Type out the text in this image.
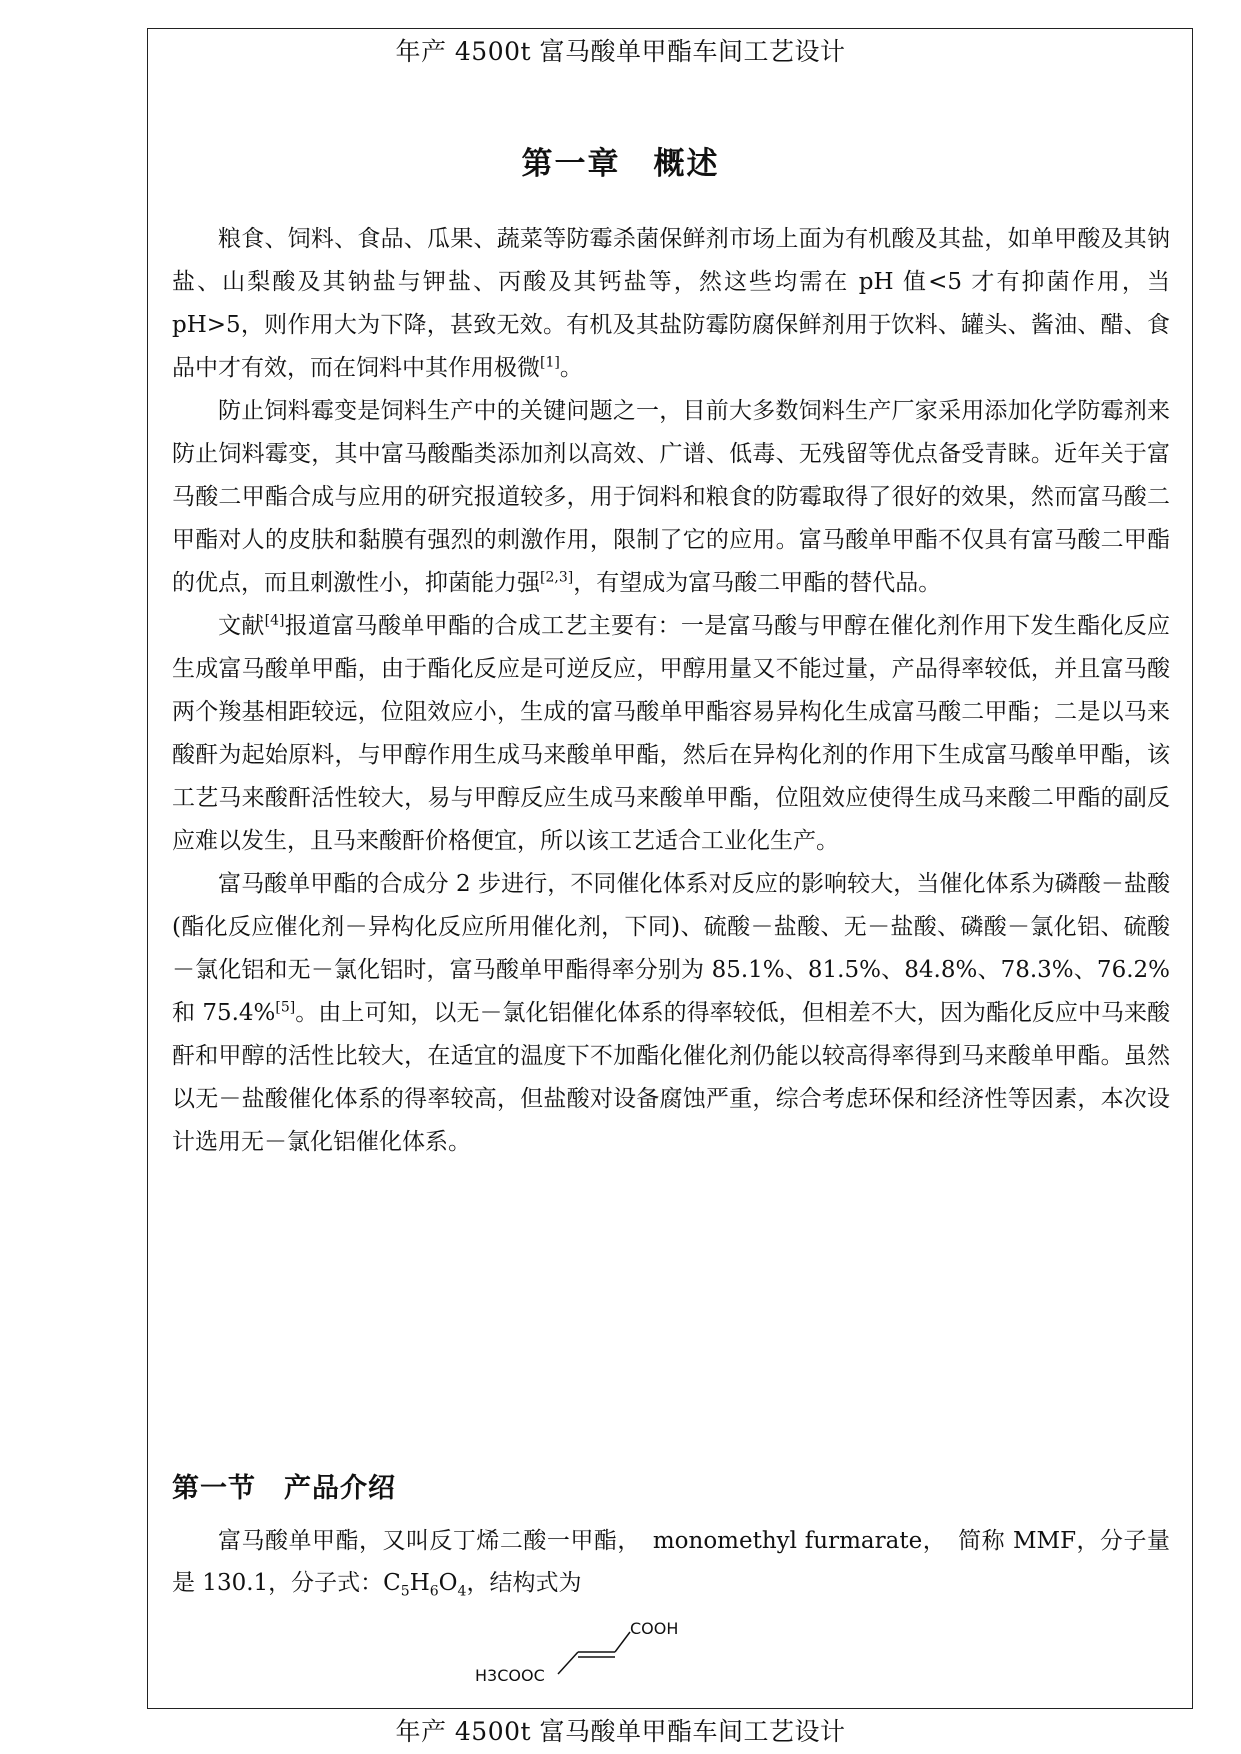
年产 4500t 富马酸单甲酯车间工艺设计
第一章　概述

粮食、饲料、食品、瓜果、蔬菜等防霉杀菌保鲜剂市场上面为有机酸及其盐，如单甲酸及其钠盐、山梨酸及其钠盐与钾盐、丙酸及其钙盐等，然这些均需在 pH 值<5 才有抑菌作用，当 pH>5，则作用大为下降，甚致无效。有机及其盐防霉防腐保鲜剂用于饮料、罐头、酱油、醋、食品中才有效，而在饲料中其作用极微[1]。

防止饲料霉变是饲料生产中的关键问题之一，目前大多数饲料生产厂家采用添加化学防霉剂来防止饲料霉变，其中富马酸酯类添加剂以高效、广谱、低毒、无残留等优点备受青睐。近年关于富马酸二甲酯合成与应用的研究报道较多，用于饲料和粮食的防霉取得了很好的效果，然而富马酸二甲酯对人的皮肤和黏膜有强烈的刺激作用，限制了它的应用。富马酸单甲酯不仅具有富马酸二甲酯的优点，而且刺激性小，抑菌能力强[2,3]，有望成为富马酸二甲酯的替代品。

文献[4]报道富马酸单甲酯的合成工艺主要有：一是富马酸与甲醇在催化剂作用下发生酯化反应生成富马酸单甲酯，由于酯化反应是可逆反应，甲醇用量又不能过量，产品得率较低，并且富马酸两个羧基相距较远，位阻效应小，生成的富马酸单甲酯容易异构化生成富马酸二甲酯；二是以马来酸酐为起始原料，与甲醇作用生成马来酸单甲酯，然后在异构化剂的作用下生成富马酸单甲酯，该工艺马来酸酐活性较大，易与甲醇反应生成马来酸单甲酯，位阻效应使得生成马来酸二甲酯的副反应难以发生，且马来酸酐价格便宜，所以该工艺适合工业化生产。

富马酸单甲酯的合成分 2 步进行，不同催化体系对反应的影响较大，当催化体系为磷酸－盐酸(酯化反应催化剂－异构化反应所用催化剂，下同)、硫酸－盐酸、无－盐酸、磷酸－氯化铝、硫酸－氯化铝和无－氯化铝时，富马酸单甲酯得率分别为 85.1%、81.5%、84.8%、78.3%、76.2%和 75.4%[5]。由上可知，以无－氯化铝催化体系的得率较低，但相差不大，因为酯化反应中马来酸酐和甲醇的活性比较大，在适宜的温度下不加酯化催化剂仍能以较高得率得到马来酸单甲酯。虽然以无－盐酸催化体系的得率较高，但盐酸对设备腐蚀严重，综合考虑环保和经济性等因素，本次设计选用无－氯化铝催化体系。

第一节　产品介绍

富马酸单甲酯，又叫反丁烯二酸一甲酯，　monomethyl furmarate，　简称 MMF，分子量是 130.1，分子式：$C_5H_6O_4$，结构式为

COOH
H3COOC
年产 4500t 富马酸单甲酯车间工艺设计
